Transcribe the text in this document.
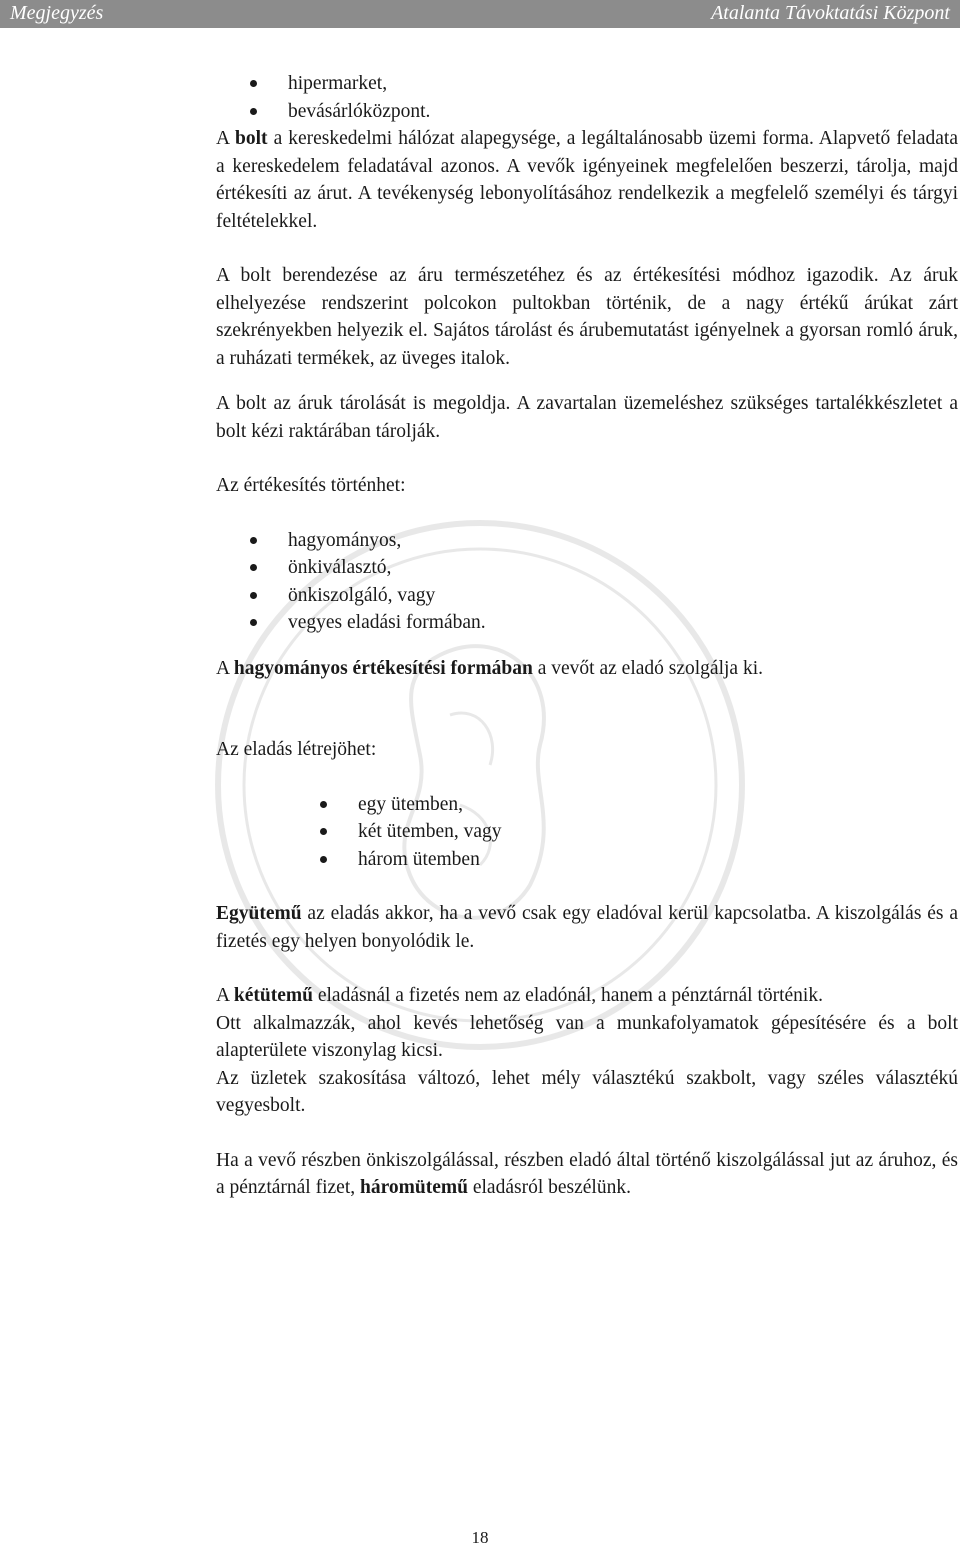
Megjegyzés	Atalanta Távoktatási Központ
hipermarket,
bevásárlóközpont.

A bolt a kereskedelmi hálózat alapegysége, a legáltalánosabb üzemi forma. Alapvető feladata a kereskedelem feladatával azonos. A vevők igényeinek megfelelően beszerzi, tárolja, majd értékesíti az árut. A tevékenység lebonyolításához rendelkezik a megfelelő személyi és tárgyi feltételekkel.

A bolt berendezése az áru természetéhez és az értékesítési módhoz igazodik. Az áruk elhelyezése rendszerint polcokon pultokban történik, de a nagy értékű árúkat zárt szekrényekben helyezik el. Sajátos tárolást és árubemutatást igényelnek a gyorsan romló áruk, a ruházati termékek, az üveges italok.

A bolt az áruk tárolását is megoldja. A zavartalan üzemeléshez szükséges tartalékkészletet a bolt kézi raktárában tárolják.

Az értékesítés történhet:

hagyományos,
önkiválasztó,
önkiszolgáló, vagy
vegyes eladási formában.

A hagyományos értékesítési formában a vevőt az eladó szolgálja ki.

Az eladás létrejöhet:

egy ütemben,
két ütemben, vagy
három ütemben

Együtemű az eladás akkor, ha a vevő csak egy eladóval kerül kapcsolatba. A kiszolgálás és a fizetés egy helyen bonyolódik le.

A kétütemű eladásnál a fizetés nem az eladónál, hanem a pénztárnál történik.

Ott alkalmazzák, ahol kevés lehetőség van a munkafolyamatok gépesítésére és a bolt alapterülete viszonylag kicsi.

Az üzletek szakosítása változó, lehet mély választékú szakbolt, vagy széles választékú vegyesbolt.

Ha a vevő részben önkiszolgálással, részben eladó által történő kiszolgálással jut az áruhoz, és a pénztárnál fizet, háromütemű eladásról beszélünk.

18
